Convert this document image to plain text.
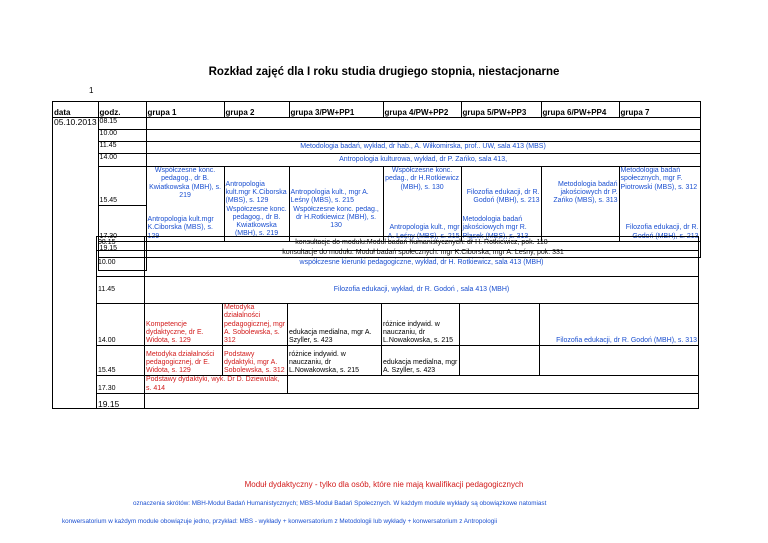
Rozkład zajęć dla I roku studia drugiego stopnia, niestacjonarne
1
data	godz.	grupa 1	grupa 2	grupa 3/PW+PP1	grupa 4/PW+PP2	grupa 5/PW+PP3	grupa 6/PW+PP4	grupa 7
05.10.2013	08.15							
	10.00							
	11.45	Metodologia badań, wykład, dr hab., A. Wiłkomirska, prof.. UW, sala 413 (MBS)						
	14.00	Antropologia kulturowa, wykład, dr P. Zańko, sala 413,						
	15.45	Współczesne konc. pedagog., dr B. Kwiatkowska (MBH), s. 219	Antropologia kult.mgr K.Ciborska (MBS), s. 129	Antropologia kult., mgr A. Leśny (MBS), s. 215	Współczesne konc. pedag., dr H.Rotkiewicz (MBH), s. 130	Filozofia edukacji, dr R. Godoń (MBH), s. 213	Metodologia badań jakościowych dr P. Zańko (MBS), s. 313	Metodologia badań społecznych, mgr F. Piotrowski (MBS), s. 312
	17.30	Antropologia kult.mgr K.Ciborska (MBS), s. 129	Współczesne konc. pedagog., dr B. Kwiatkowska (MBH), s. 219	Współczesne konc. pedag., dr H.Rotkiewicz (MBH), s. 130	Antropologia kult., mgr A. Leśny (MBS), s. 215	Metodologia badań jakościowych mgr R. Pląsek (MBS), s. 313		Filozofia edukacji, dr R. Godoń (MBH), s. 213
	19.15	konsultacje do modułu: Moduł badań społecznych: mgr K.Ciborska, mgr A. Leśny, pok. 331						

	08.15	konsultacje do modułu:Moduł badań humanistycznych: dr H. Rotkiewicz, pok. 118					
	10.00	współczesne kierunki pedagogiczne, wykład, dr H. Rotkiewicz, sala 413 (MBH)					
	11.45	Filozofia edukacji, wykład, dr R. Godoń , sala 413 (MBH)					
	14.00	Kompetencje dydaktyczne, dr E. Widota, s. 129	Metodyka działalności pedagogicznej, mgr A. Sobolewska, s. 312	edukacja medialna, mgr A. Szyller, s. 423	różnice indywid. w nauczaniu, dr L.Nowakowska, s. 215		Filozofia edukacji, dr R. Godoń (MBH), s. 313
	15.45	Metodyka działalności pedagogicznej, dr E. Widota, s. 129	Podstawy dydaktyki, mgr A. Sobolewska, s. 312	różnice indywid. w nauczaniu, dr L.Nowakowska, s. 215	edukacja medialna, mgr A. Szyller, s. 423		
	17.30	Podstawy dydaktyki, wyk. Dr D. Dziewulak, s. 414					
	19.15						
Moduł dydaktyczny - tylko dla osób, które nie mają kwalifikacji pedagogicznych
oznaczenia skrótów: MBH-Moduł Badań Humanistycznych; MBS-Moduł Badań Społecznych. W każdym module wykłady są obowiązkowe natomiast
konwersatorium w każdym module obowiązuje jedno, przykład: MBS - wykłady + konwersatorium z Metodologii lub wykłady + konwersatorium z Antropologii
